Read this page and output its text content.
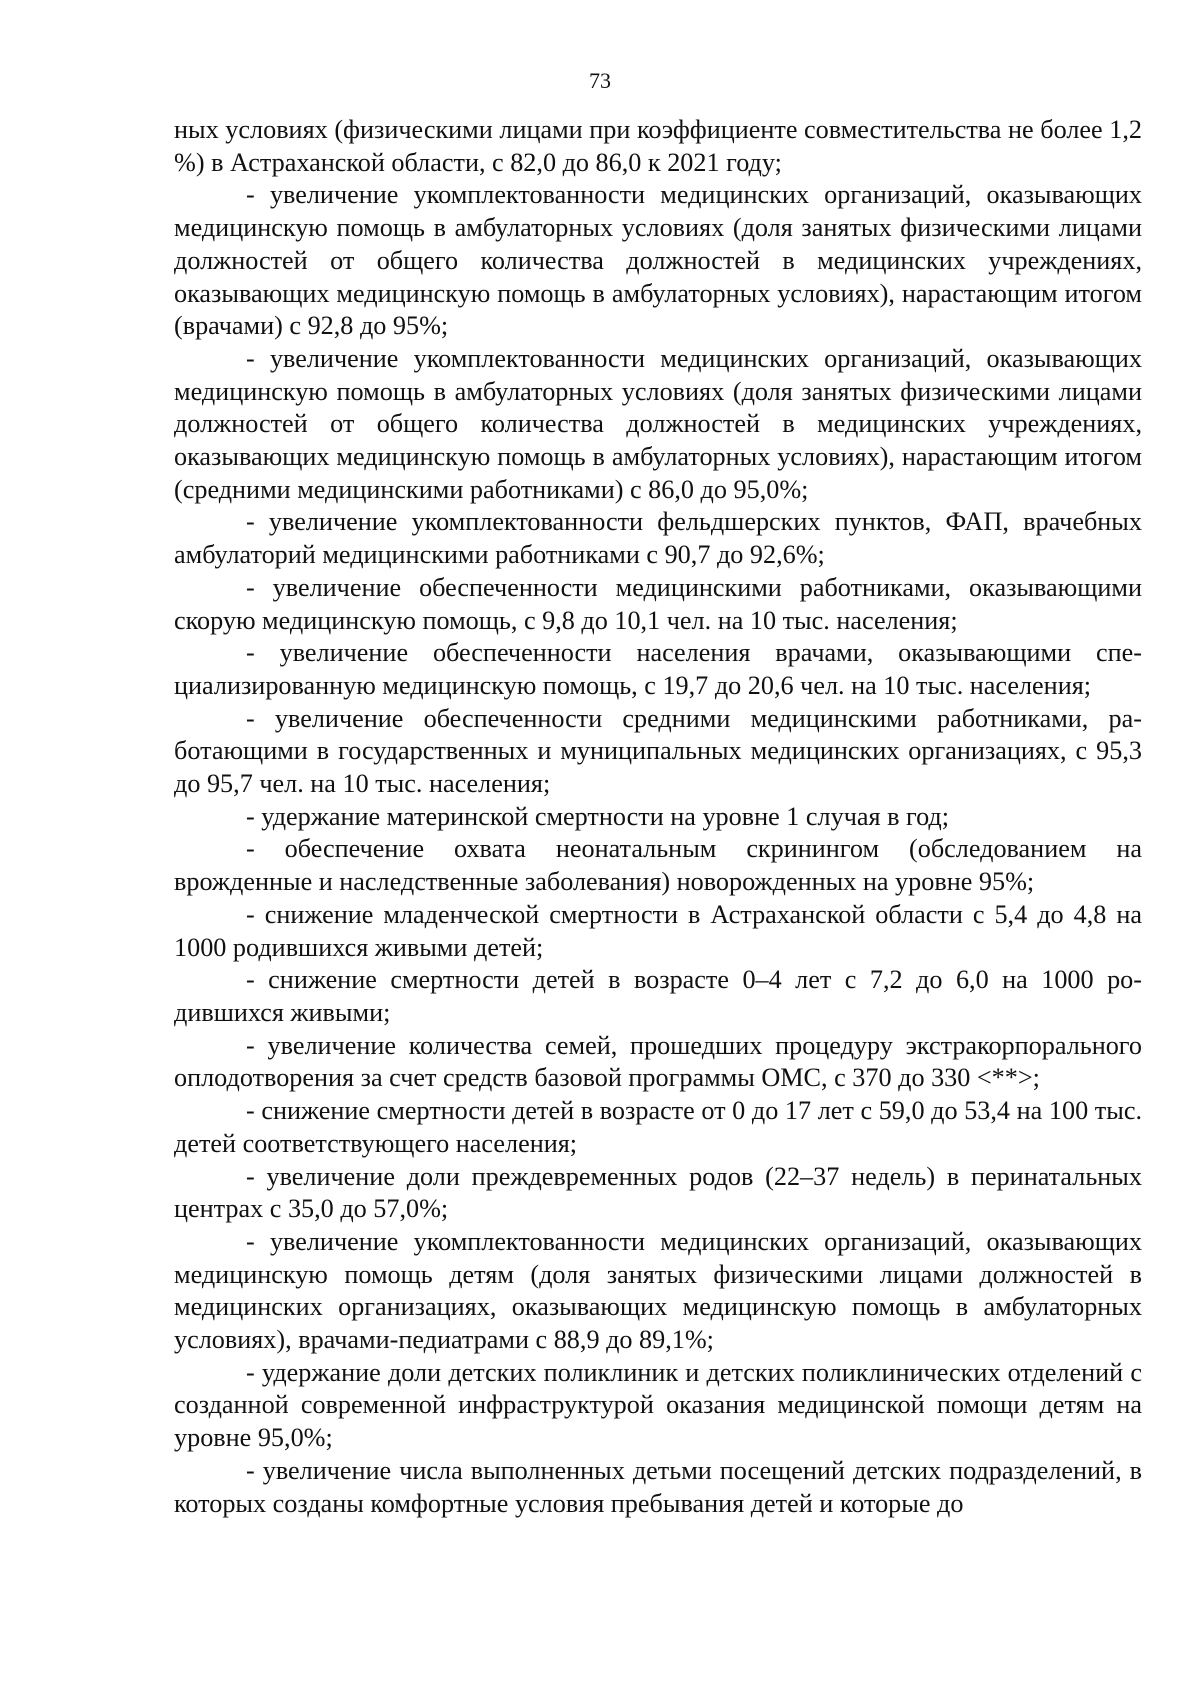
73

ных условиях (физическими лицами при коэффициенте совместительства не более 1,2 %) в Астраханской области, с 82,0 до 86,0 к 2021 году;

- увеличение укомплектованности медицинских организаций, оказывающих медицинскую помощь в амбулаторных условиях (доля занятых физическими лицами должностей от общего количества должностей в медицинских учреждениях, оказывающих медицинскую помощь в амбулаторных условиях), нарастающим итогом (врачами) с 92,8 до 95%;

- увеличение укомплектованности медицинских организаций, оказывающих медицинскую помощь в амбулаторных условиях (доля занятых физическими лицами должностей от общего количества должностей в медицинских учреждениях, оказывающих медицинскую помощь в амбулаторных условиях), нарастающим итогом (средними медицинскими работниками) с 86,0 до 95,0%;

- увеличение укомплектованности фельдшерских пунктов, ФАП, врачебных амбулаторий медицинскими работниками с 90,7 до 92,6%;

- увеличение обеспеченности медицинскими работниками, оказывающими скорую медицинскую помощь, с 9,8 до 10,1 чел. на 10 тыс. населения;

- увеличение обеспеченности населения врачами, оказывающими специализированную медицинскую помощь, с 19,7 до 20,6 чел. на 10 тыс. населения;

- увеличение обеспеченности средними медицинскими работниками, работающими в государственных и муниципальных медицинских организациях, с 95,3 до 95,7 чел. на 10 тыс. населения;

- удержание материнской смертности на уровне 1 случая в год;

- обеспечение охвата неонатальным скринингом (обследованием на врожденные и наследственные заболевания) новорожденных на уровне 95%;

- снижение младенческой смертности в Астраханской области с 5,4 до 4,8 на 1000 родившихся живыми детей;

- снижение смертности детей в возрасте 0–4 лет с 7,2 до 6,0 на 1000 родившихся живыми;

- увеличение количества семей, прошедших процедуру экстракорпорального оплодотворения за счет средств базовой программы ОМС, с 370 до 330 <**>;

- снижение смертности детей в возрасте от 0 до 17 лет с 59,0 до 53,4 на 100 тыс. детей соответствующего населения;

- увеличение доли преждевременных родов (22–37 недель) в перинатальных центрах с 35,0 до 57,0%;

- увеличение укомплектованности медицинских организаций, оказывающих медицинскую помощь детям (доля занятых физическими лицами должностей в медицинских организациях, оказывающих медицинскую помощь в амбулаторных условиях), врачами-педиатрами с 88,9 до 89,1%;

- удержание доли детских поликлиник и детских поликлинических отделений с созданной современной инфраструктурой оказания медицинской помощи детям на уровне 95,0%;

- увеличение числа выполненных детьми посещений детских подразделений, в которых созданы комфортные условия пребывания детей и которые до
